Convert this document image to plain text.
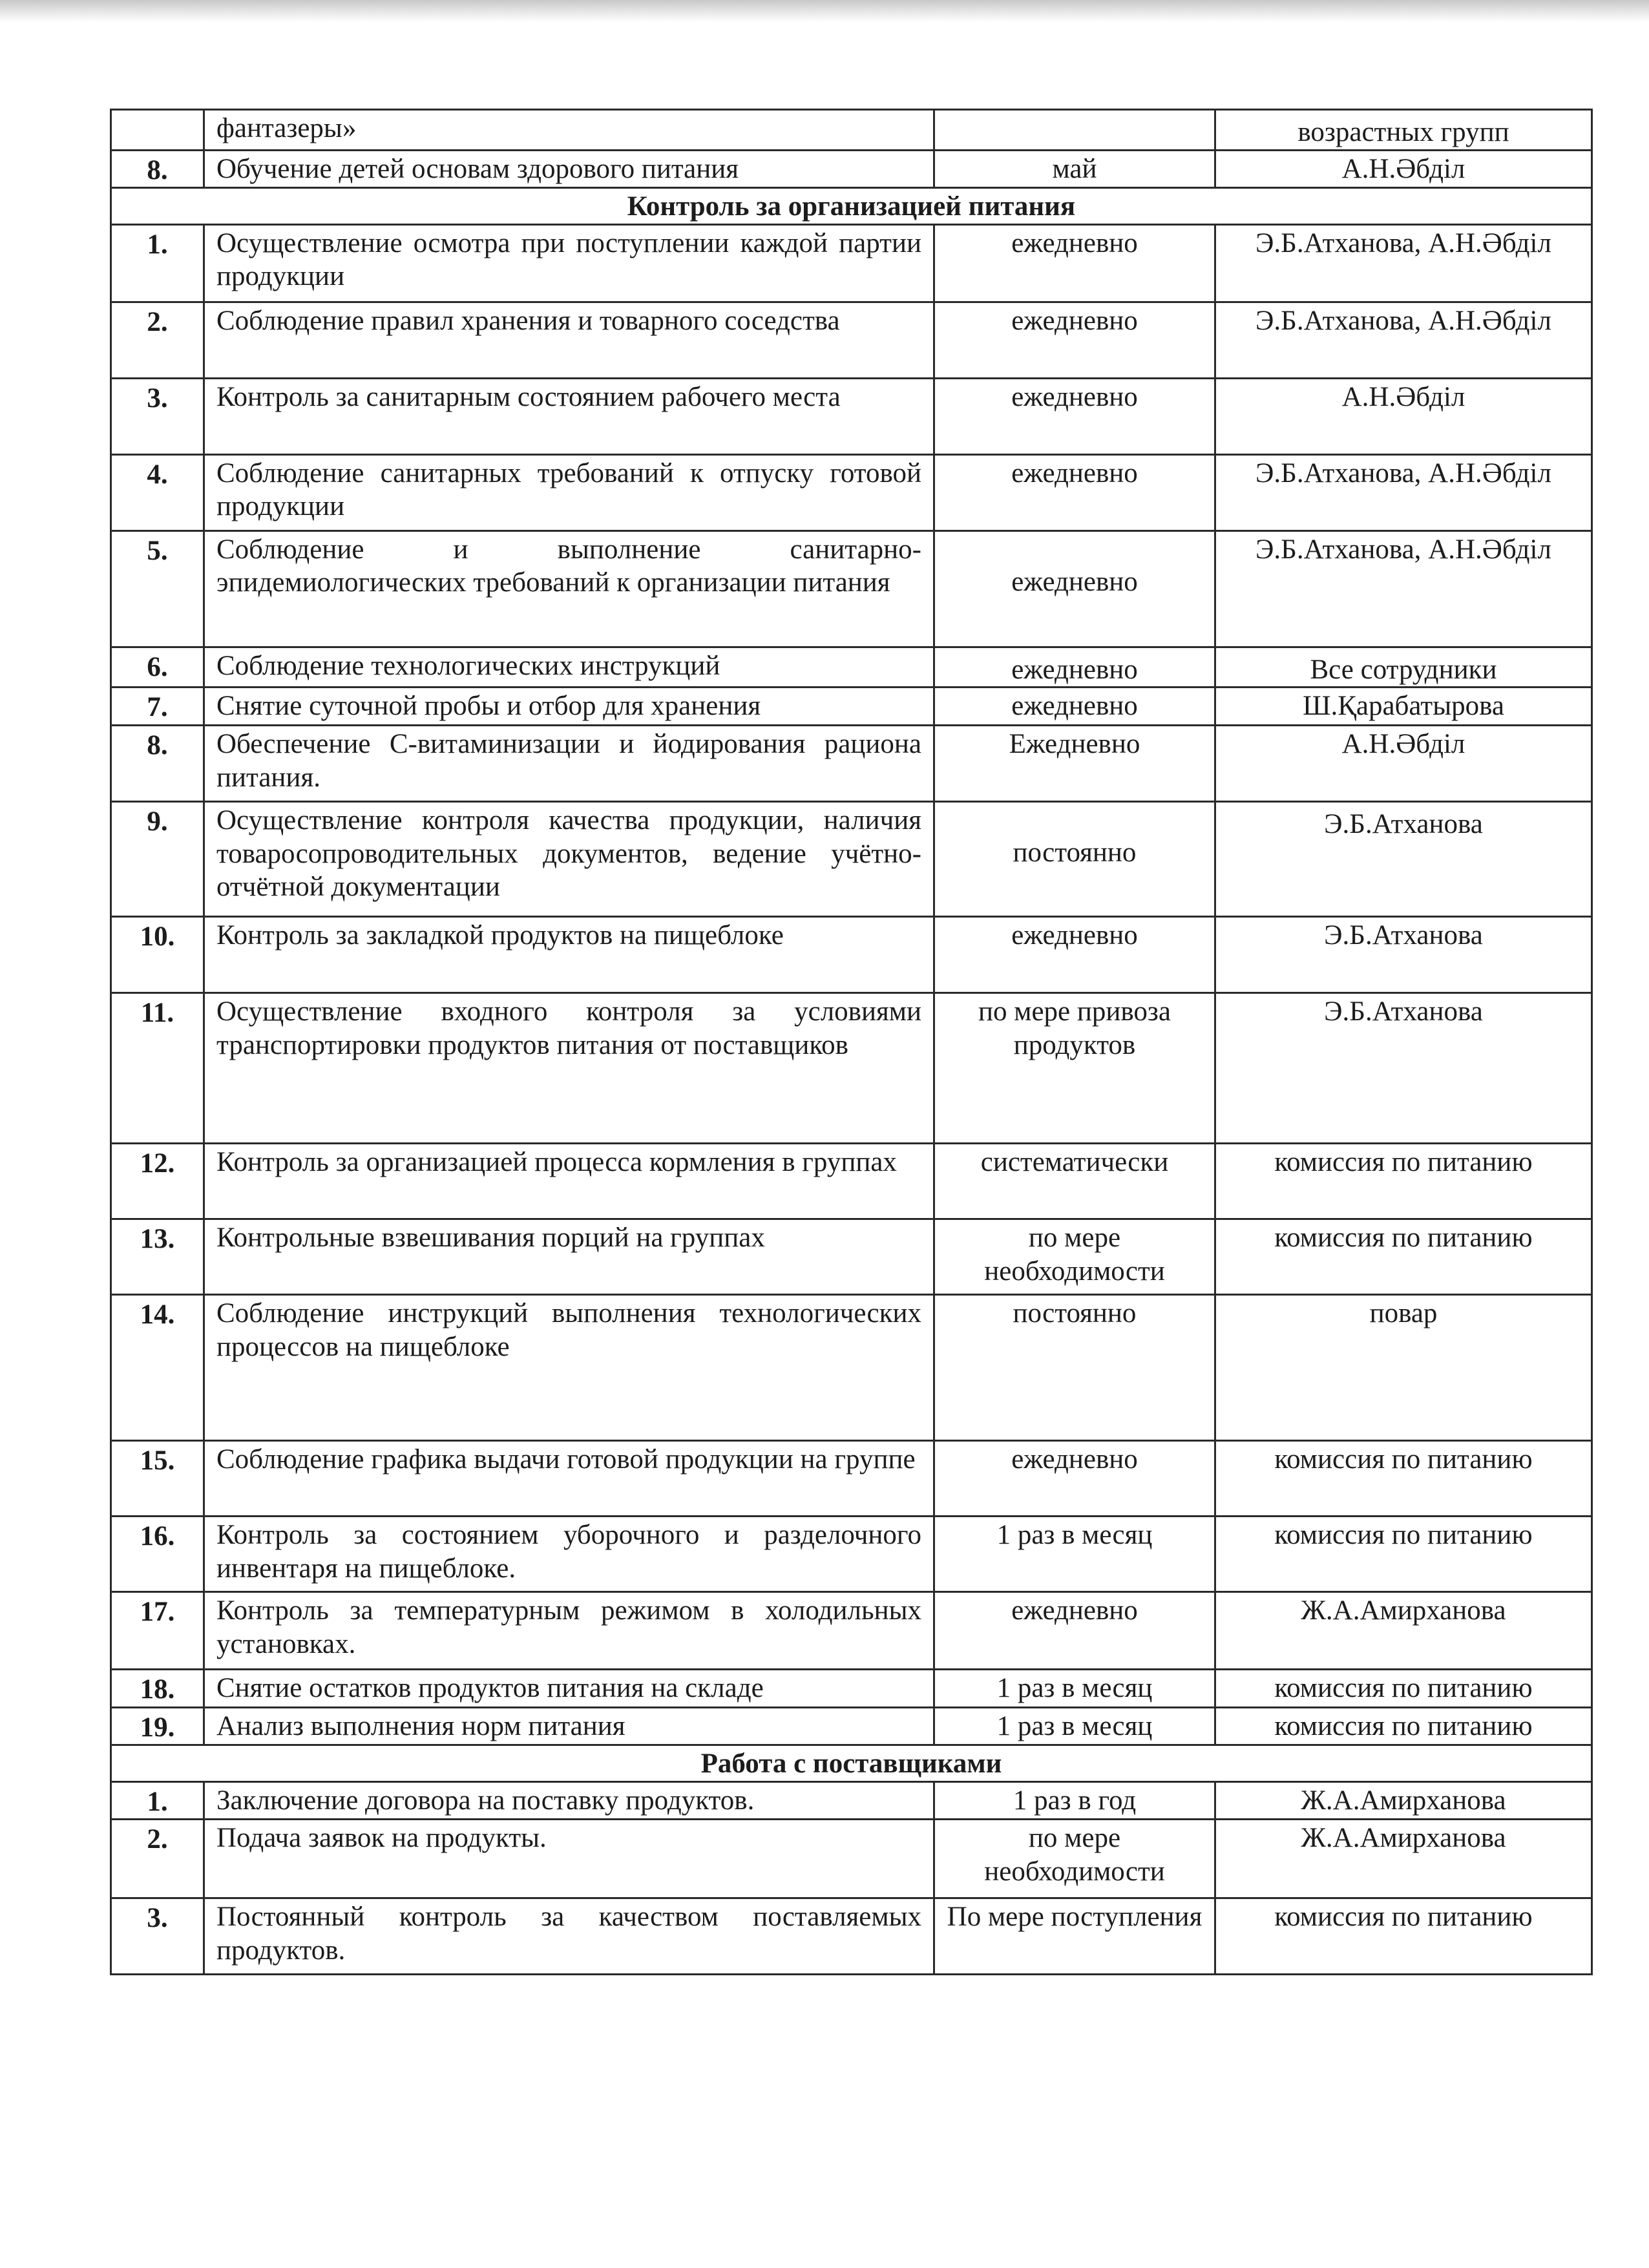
	фантазеры»		возрастных групп
8.	Обучение детей основам здорового питания	май	А.Н.Әбділ
Контроль за организацией питания			
1.	Осуществление осмотра при поступлении каждой партии продукции	ежедневно	Э.Б.Атханова, А.Н.Әбділ
2.	Соблюдение правил хранения и товарного соседства	ежедневно	Э.Б.Атханова, А.Н.Әбділ
3.	Контроль за санитарным состоянием рабочего места	ежедневно	А.Н.Әбділ
4.	Соблюдение санитарных требований к отпуску готовой продукции	ежедневно	Э.Б.Атханова, А.Н.Әбділ
5.	Соблюдение и выполнение санитарно-эпидемиологических требований к организации питания	ежедневно	Э.Б.Атханова, А.Н.Әбділ
6.	Соблюдение технологических инструкций	ежедневно	Все сотрудники
7.	Снятие суточной пробы и отбор для хранения	ежедневно	Ш.Қарабатырова
8.	Обеспечение С-витаминизации и йодирования рациона питания.	Ежедневно	А.Н.Әбділ
9.	Осуществление контроля качества продукции, наличия товаросопроводительных документов, ведение учётно-отчётной документации	постоянно	Э.Б.Атханова
10.	Контроль за закладкой продуктов на пищеблоке	ежедневно	Э.Б.Атханова
11.	Осуществление входного контроля за условиями транспортировки продуктов питания от поставщиков	по мере привоза продуктов	Э.Б.Атханова
12.	Контроль за организацией процесса кормления в группах	систематически	комиссия по питанию
13.	Контрольные взвешивания порций на группах	по мере необходимости	комиссия по питанию
14.	Соблюдение инструкций выполнения технологических процессов на пищеблоке	постоянно	повар
15.	Соблюдение графика выдачи готовой продукции на группе	ежедневно	комиссия по питанию
16.	Контроль за состоянием уборочного и разделочного инвентаря на пищеблоке.	1 раз в месяц	комиссия по питанию
17.	Контроль за температурным режимом в холодильных установках.	ежедневно	Ж.А.Амирханова
18.	Снятие остатков продуктов питания на складе	1 раз в месяц	комиссия по питанию
19.	Анализ выполнения норм питания	1 раз в месяц	комиссия по питанию
Работа с поставщиками			
1.	Заключение договора на поставку продуктов.	1 раз в год	Ж.А.Амирханова
2.	Подача заявок на продукты.	по мере необходимости	Ж.А.Амирханова
3.	Постоянный контроль за качеством поставляемых продуктов.	По мере поступления	комиссия по питанию
